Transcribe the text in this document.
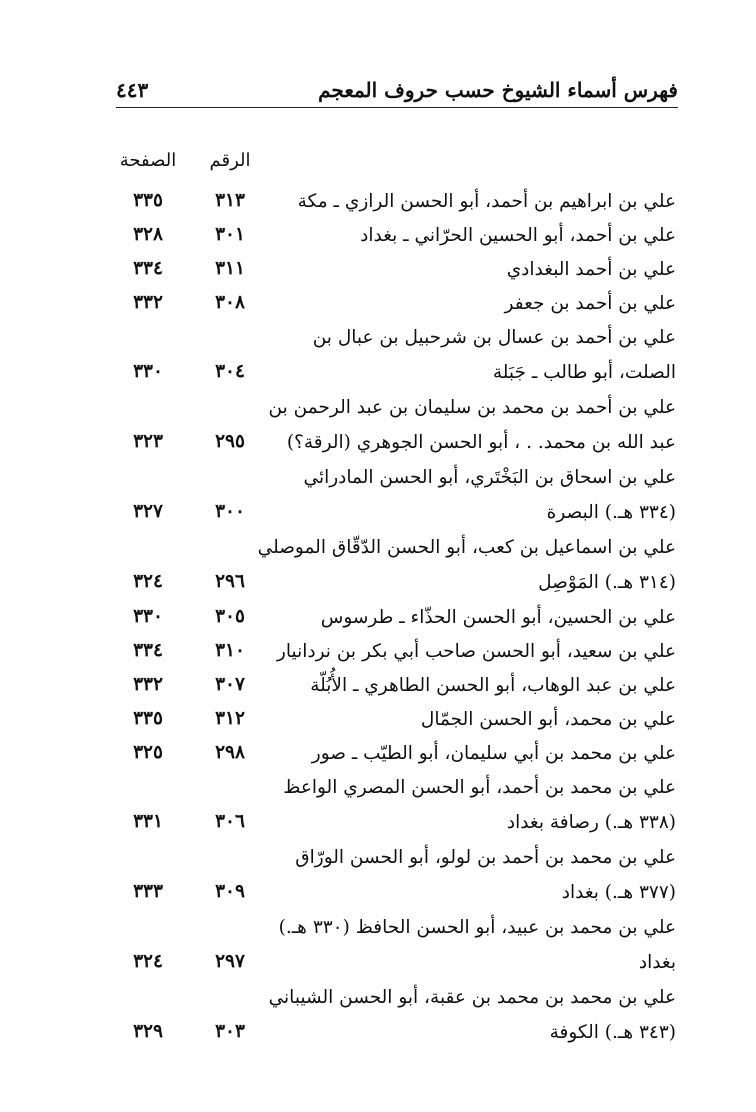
فهرس أسماء الشيوخ حسب حروف المعجم
٤٤٣
الرقم
الصفحة
علي بن ابراهيم بن أحمد، أبو الحسن الرازي ـ مكة
٣١٣
٣٣٥
علي بن أحمد، أبو الحسين الحرّاني ـ بغداد
٣٠١
٣٢٨
علي بن أحمد البغدادي
٣١١
٣٣٤
علي بن أحمد بن جعفر
٣٠٨
٣٣٢
علي بن أحمد بن عسال بن شرحبيل بن عبال بن
الصلت، أبو طالب ـ جَبَلة
٣٠٤
٣٣٠
علي بن أحمد بن محمد بن سليمان بن عبد الرحمن بن
عبد الله بن محمد. . ، أبو الحسن الجوهري (الرقة؟)
٢٩٥
٣٢٣
علي بن اسحاق بن البَخْتَري، أبو الحسن المادرائي
(٣٣٤ هـ.) البصرة
٣٠٠
٣٢٧
علي بن اسماعيل بن كعب، أبو الحسن الدّقّاق الموصلي
(٣١٤ هـ.) المَوْصِل
٢٩٦
٣٢٤
علي بن الحسين، أبو الحسن الحذّاء ـ طرسوس
٣٠٥
٣٣٠
علي بن سعيد، أبو الحسن صاحب أبي بكر بن نردانيار
٣١٠
٣٣٤
علي بن عبد الوهاب، أبو الحسن الطاهري ـ الأُبُلّة
٣٠٧
٣٣٢
علي بن محمد، أبو الحسن الجمّال
٣١٢
٣٣٥
علي بن محمد بن أبي سليمان، أبو الطيّب ـ صور
٢٩٨
٣٢٥
علي بن محمد بن أحمد، أبو الحسن المصري الواعظ
(٣٣٨ هـ.) رصافة بغداد
٣٠٦
٣٣١
علي بن محمد بن أحمد بن لولو، أبو الحسن الورّاق
(٣٧٧ هـ.) بغداد
٣٠٩
٣٣٣
علي بن محمد بن عبيد، أبو الحسن الحافظ (٣٣٠ هـ.)
بغداد
٢٩٧
٣٢٤
علي بن محمد بن محمد بن عقبة، أبو الحسن الشيباني
(٣٤٣ هـ.) الكوفة
٣٠٣
٣٢٩
